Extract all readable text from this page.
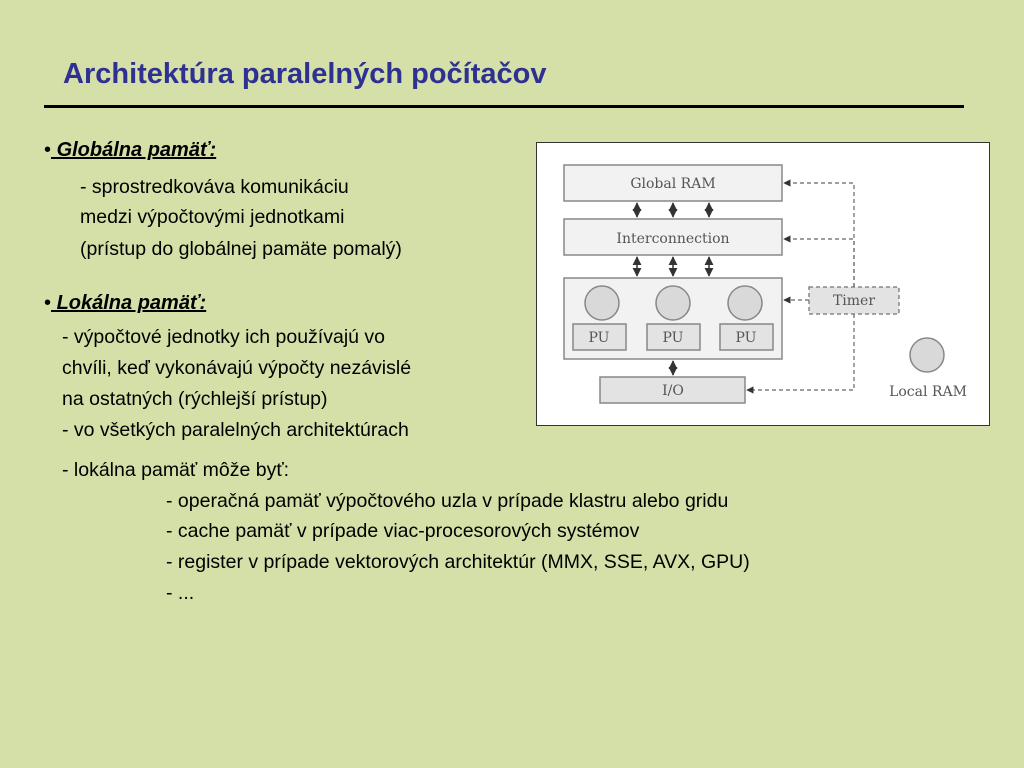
Architektúra paralelných počítačov
• Globálna pamäť:
- sprostredkováva komunikáciu
medzi výpočtovými jednotkami
(prístup do globálnej pamäte pomalý)
• Lokálna pamäť:
- výpočtové jednotky ich používajú vo
chvíli, keď vykonávajú výpočty nezávislé
na ostatných (rýchlejší prístup)
- vo všetkých paralelných architektúrach
- lokálna pamäť môže byť:
- operačná pamäť výpočtového uzla v prípade klastru alebo gridu
- cache pamäť v prípade viac-procesorových systémov
- register v prípade vektorových architektúr (MMX, SSE, AVX, GPU)
- ...
Global RAM
Interconnection
PU	PU	PU
I/O
Timer
Local RAM
